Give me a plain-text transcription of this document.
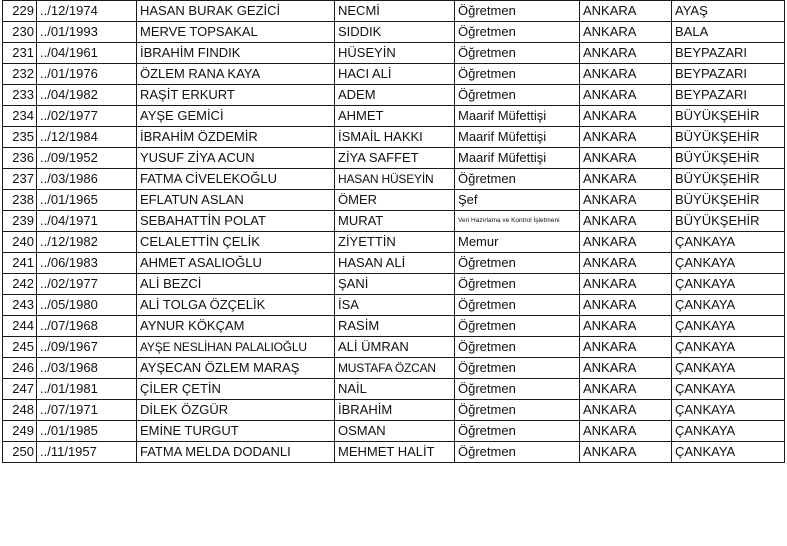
229	../12/1974	HASAN BURAK GEZİCİ	NECMİ	Öğretmen	ANKARA	AYAŞ
230	../01/1993	MERVE TOPSAKAL	SIDDIK	Öğretmen	ANKARA	BALA
231	../04/1961	İBRAHİM FINDIK	HÜSEYİN	Öğretmen	ANKARA	BEYPAZARI
232	../01/1976	ÖZLEM RANA KAYA	HACI ALİ	Öğretmen	ANKARA	BEYPAZARI
233	../04/1982	RAŞİT ERKURT	ADEM	Öğretmen	ANKARA	BEYPAZARI
234	../02/1977	AYŞE GEMİCİ	AHMET	Maarif Müfettişi	ANKARA	BÜYÜKŞEHİR
235	../12/1984	İBRAHİM ÖZDEMİR	İSMAİL HAKKI	Maarif Müfettişi	ANKARA	BÜYÜKŞEHİR
236	../09/1952	YUSUF ZİYA ACUN	ZİYA SAFFET	Maarif Müfettişi	ANKARA	BÜYÜKŞEHİR
237	../03/1986	FATMA CİVELEKOĞLU	HASAN HÜSEYİN	Öğretmen	ANKARA	BÜYÜKŞEHİR
238	../01/1965	EFLATUN ASLAN	ÖMER	Şef	ANKARA	BÜYÜKŞEHİR
239	../04/1971	SEBAHATTİN POLAT	MURAT	Veri Hazırlama ve Kontrol İşletmeni	ANKARA	BÜYÜKŞEHİR
240	../12/1982	CELALETTİN ÇELİK	ZİYETTİN	Memur	ANKARA	ÇANKAYA
241	../06/1983	AHMET ASALIOĞLU	HASAN ALİ	Öğretmen	ANKARA	ÇANKAYA
242	../02/1977	ALİ BEZCİ	ŞANİ	Öğretmen	ANKARA	ÇANKAYA
243	../05/1980	ALİ TOLGA ÖZÇELİK	İSA	Öğretmen	ANKARA	ÇANKAYA
244	../07/1968	AYNUR KÖKÇAM	RASİM	Öğretmen	ANKARA	ÇANKAYA
245	../09/1967	AYŞE NESLİHAN PALALIOĞLU	ALİ ÜMRAN	Öğretmen	ANKARA	ÇANKAYA
246	../03/1968	AYŞECAN ÖZLEM MARAŞ	MUSTAFA ÖZCAN	Öğretmen	ANKARA	ÇANKAYA
247	../01/1981	ÇİLER ÇETİN	NAİL	Öğretmen	ANKARA	ÇANKAYA
248	../07/1971	DİLEK ÖZGÜR	İBRAHİM	Öğretmen	ANKARA	ÇANKAYA
249	../01/1985	EMİNE TURGUT	OSMAN	Öğretmen	ANKARA	ÇANKAYA
250	../11/1957	FATMA MELDA DODANLI	MEHMET HALİT	Öğretmen	ANKARA	ÇANKAYA
